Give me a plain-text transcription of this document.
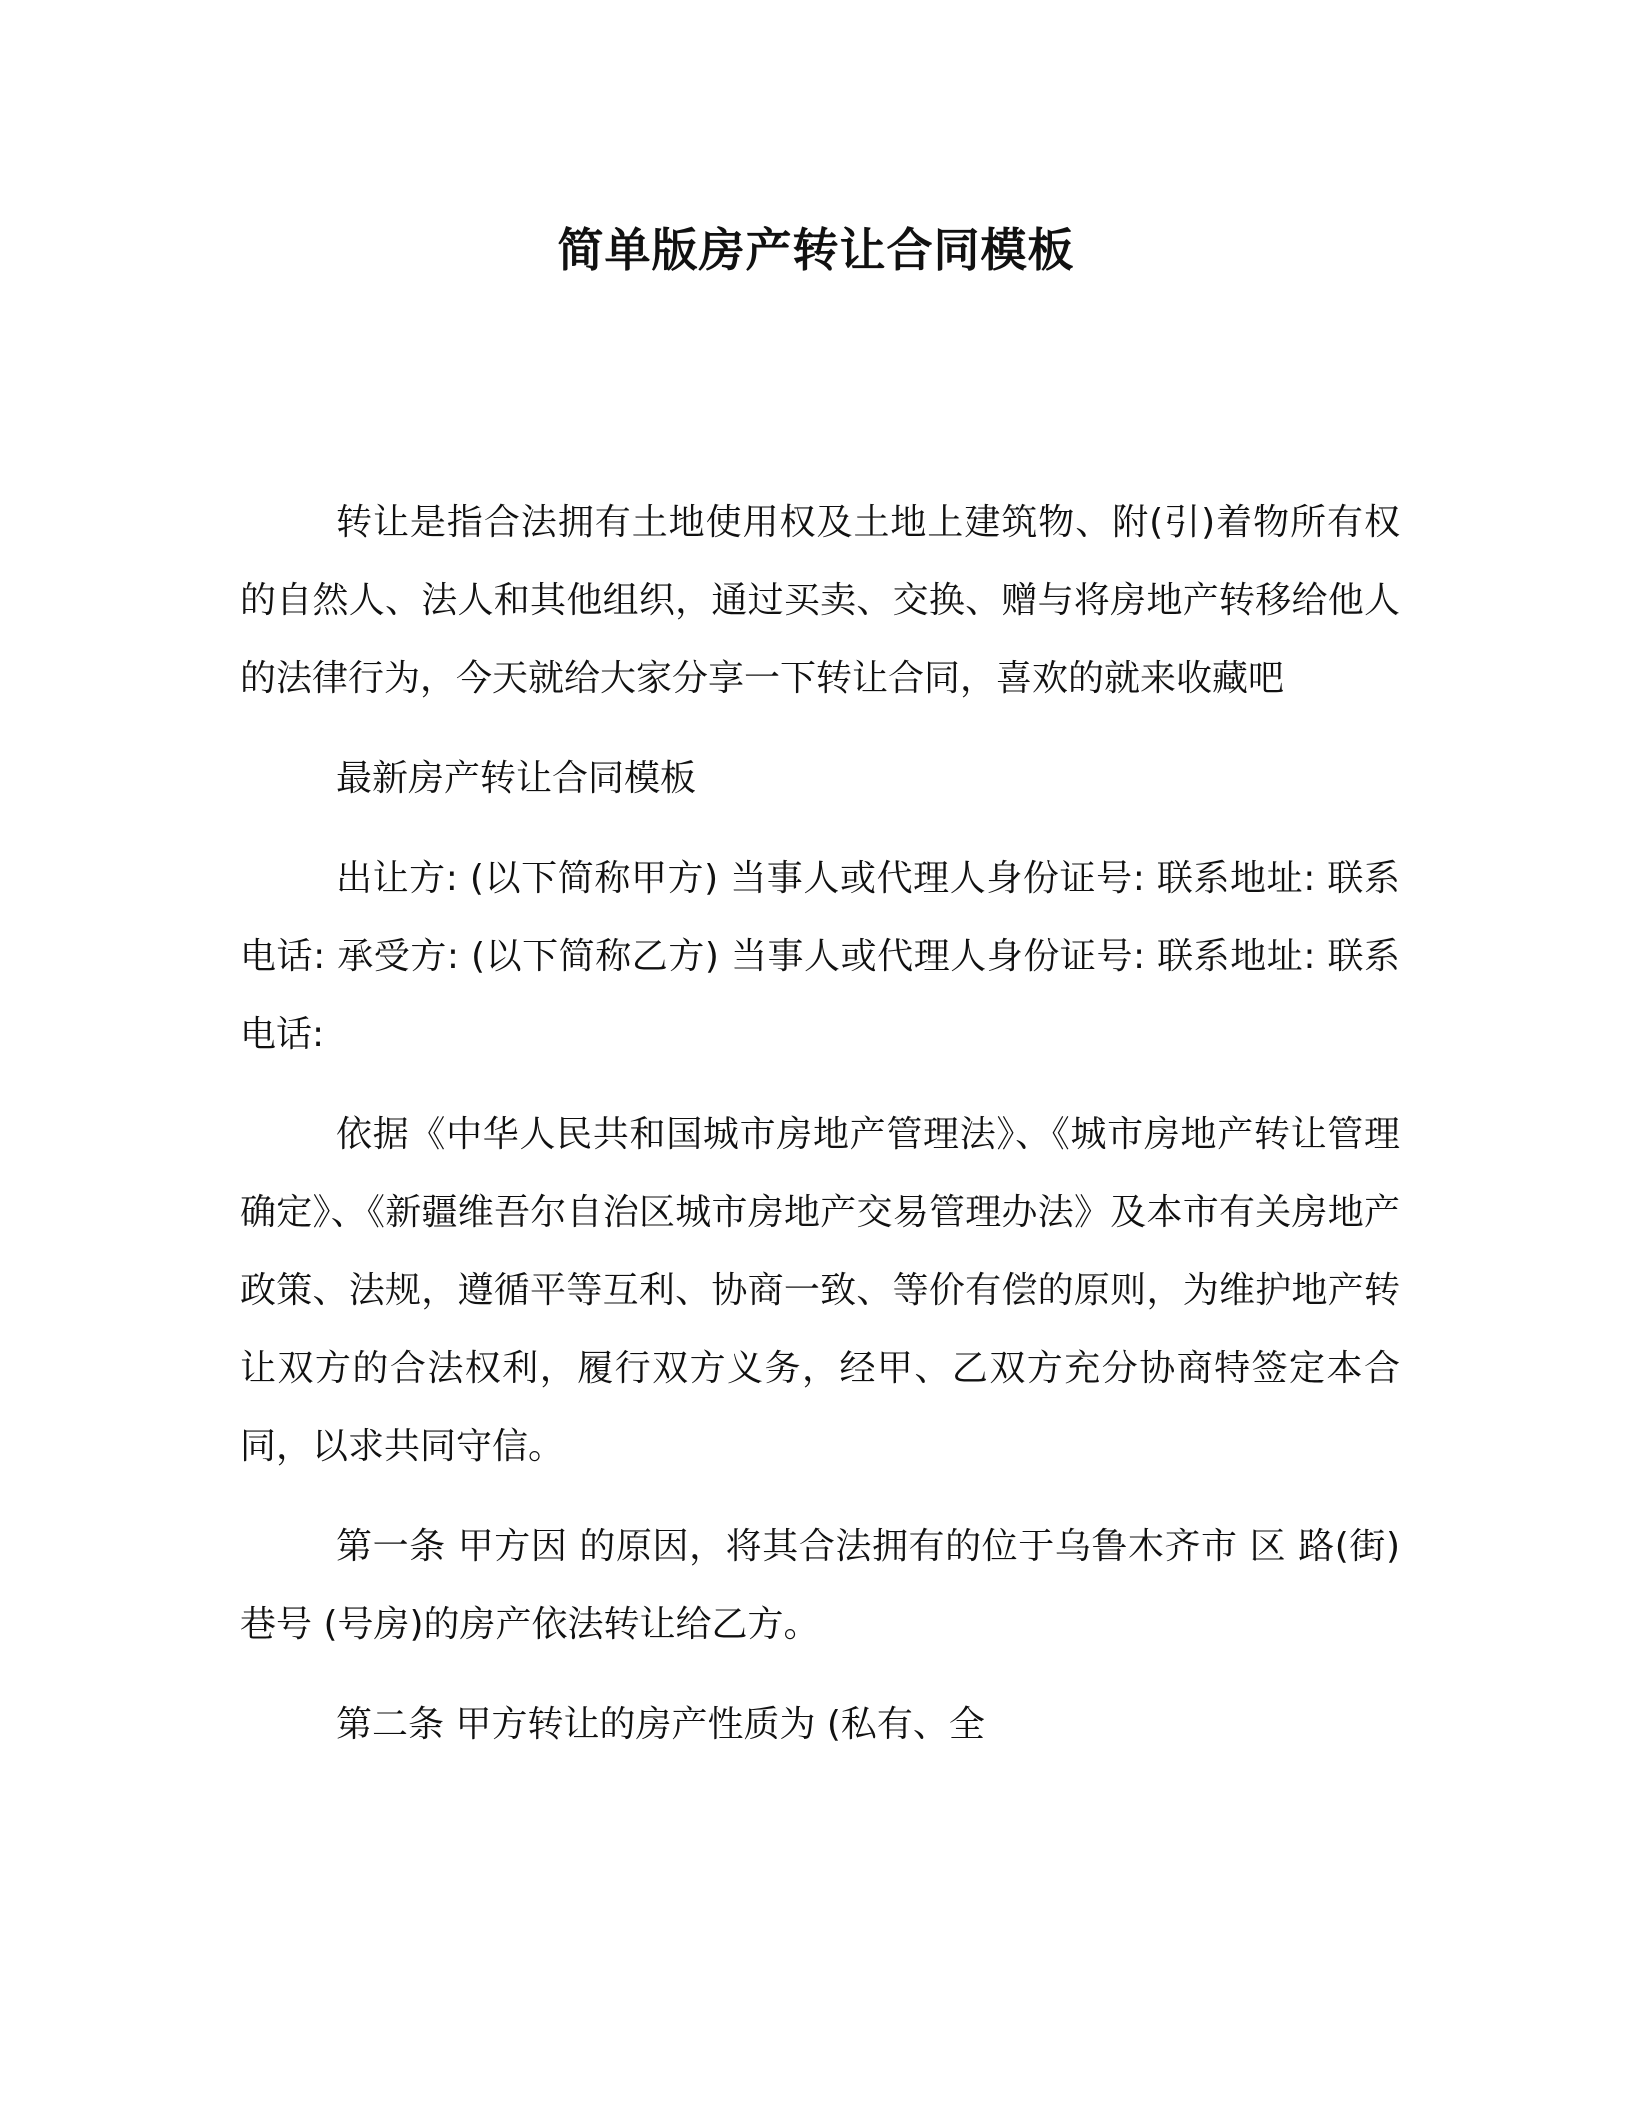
简单版房产转让合同模板

转让是指合法拥有土地使用权及土地上建筑物、附(引)着物所有权的自然人、法人和其他组织，通过买卖、交换、赠与将房地产转移给他人的法律行为，今天就给大家分享一下转让合同，喜欢的就来收藏吧

最新房产转让合同模板

出让方: (以下简称甲方) 当事人或代理人身份证号: 联系地址: 联系电话: 承受方: (以下简称乙方) 当事人或代理人身份证号: 联系地址: 联系电话:

依据《中华人民共和国城市房地产管理法》、《城市房地产转让管理确定》、《新疆维吾尔自治区城市房地产交易管理办法》及本市有关房地产政策、法规，遵循平等互利、协商一致、等价有偿的原则，为维护地产转让双方的合法权利，履行双方义务，经甲、乙双方充分协商特签定本合同，以求共同守信。

第一条 甲方因 的原因，将其合法拥有的位于乌鲁木齐市 区 路(街) 巷号 (号房)的房产依法转让给乙方。

第二条 甲方转让的房产性质为 (私有、全
